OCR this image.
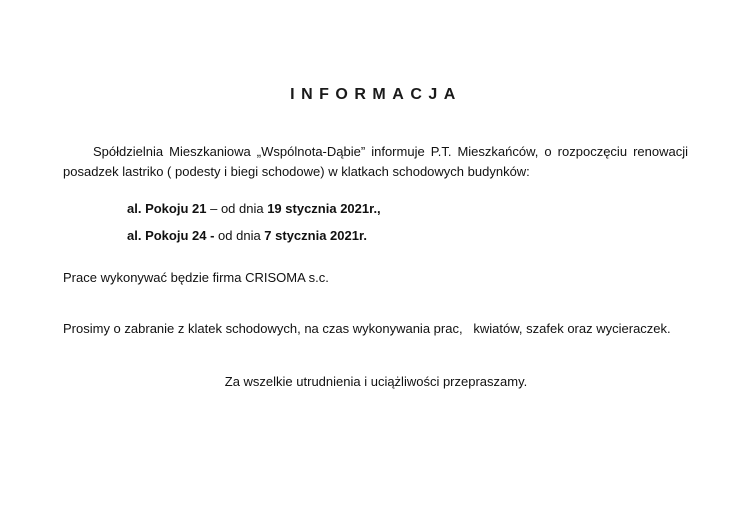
INFORMACJA
Spółdzielnia Mieszkaniowa „Wspólnota-Dąbie” informuje P.T. Mieszkańców, o rozpoczęciu renowacji posadzek lastriko ( podesty i biegi schodowe) w klatkach schodowych budynków:
al. Pokoju 21 – od dnia 19 stycznia 2021r.,
al. Pokoju 24 - od dnia 7 stycznia 2021r.
Prace wykonywać będzie firma CRISOMA s.c.
Prosimy o zabranie z klatek schodowych, na czas wykonywania prac,   kwiatów, szafek oraz wycieraczek.
Za wszelkie utrudnienia i uciążliwości przepraszamy.
